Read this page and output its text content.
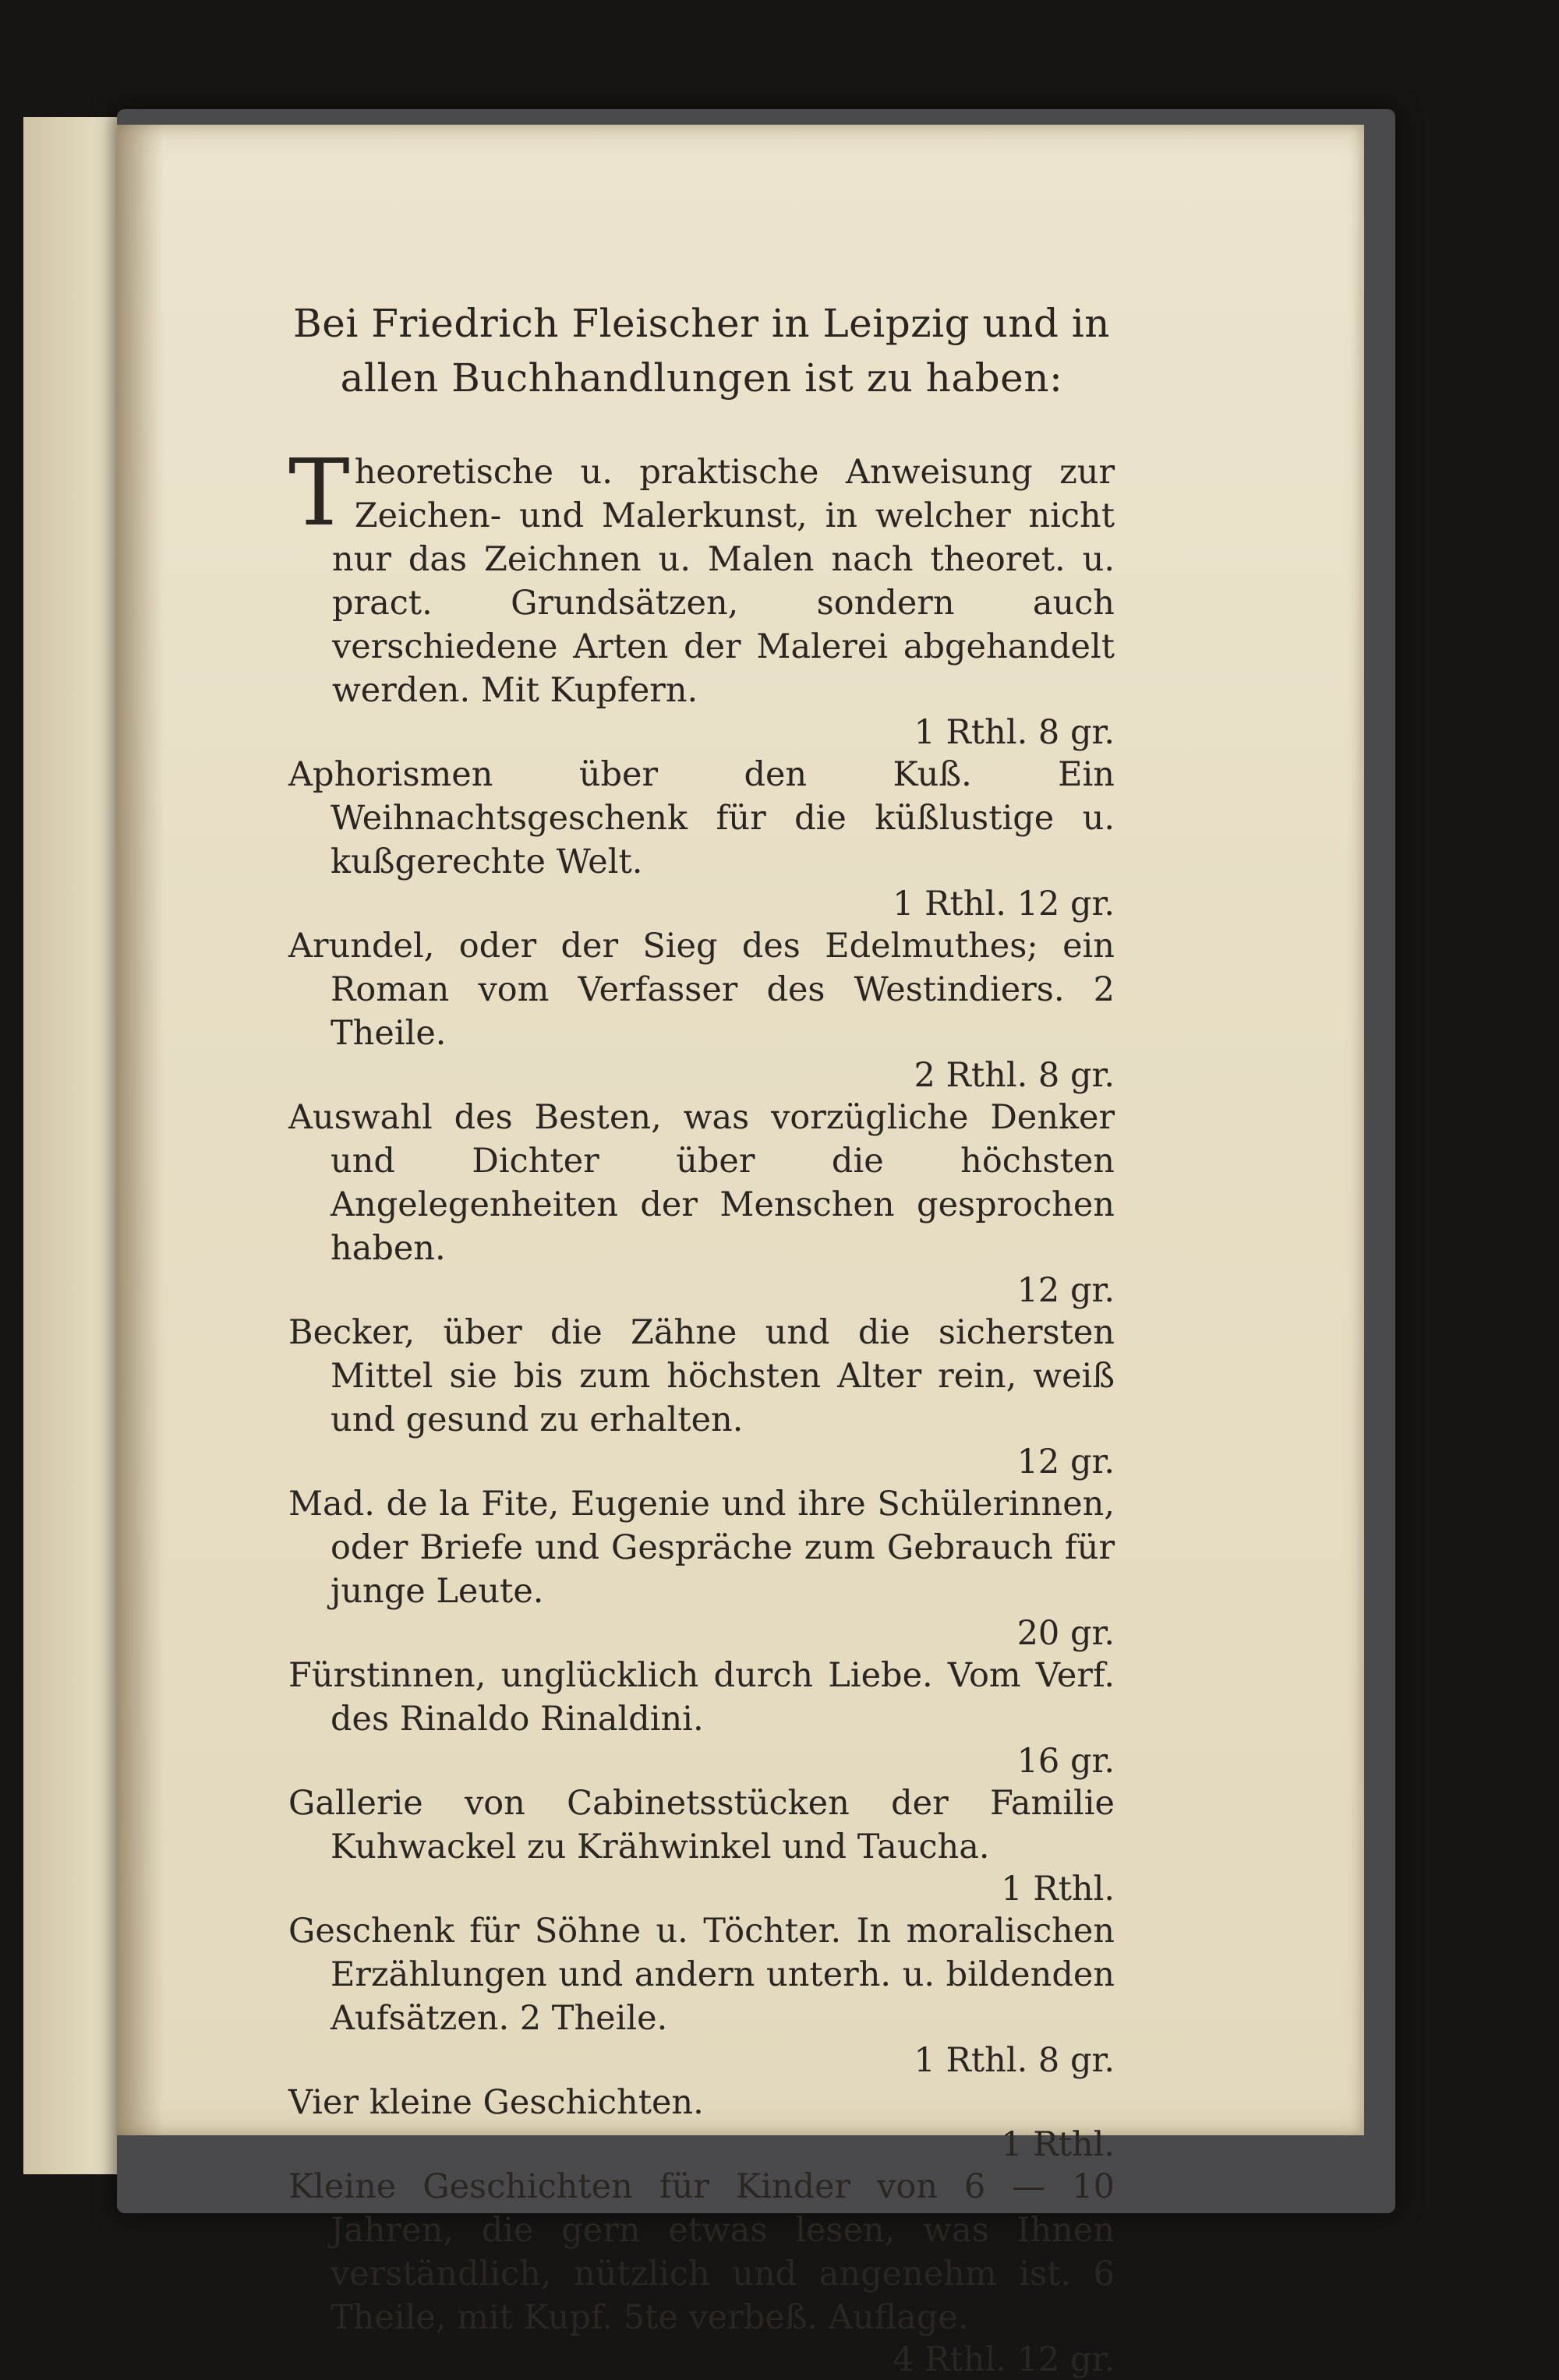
Bei Friedrich Fleischer in Leipzig und in
allen Buchhandlungen ist zu haben:
T heoretische u. praktische Anweisung zur Zeichen- und Malerkunst, in welcher nicht nur das Zeichnen u. Malen nach theoret. u. pract. Grundsätzen, sondern auch verschiedene Arten der Malerei abgehandelt werden. Mit Kupfern.
1 Rthl. 8 gr.
Aphorismen über den Kuß. Ein Weihnachtsgeschenk für die küßlustige u. kußgerechte Welt.
1 Rthl. 12 gr.
Arundel, oder der Sieg des Edelmuthes; ein Roman vom Verfasser des Westindiers. 2 Theile.
2 Rthl. 8 gr.
Auswahl des Besten, was vorzügliche Denker und Dichter über die höchsten Angelegenheiten der Menschen gesprochen haben.
12 gr.
Becker, über die Zähne und die sichersten Mittel sie bis zum höchsten Alter rein, weiß und gesund zu erhalten.
12 gr.
Mad. de la Fite, Eugenie und ihre Schülerinnen, oder Briefe und Gespräche zum Gebrauch für junge Leute.
20 gr.
Fürstinnen, unglücklich durch Liebe. Vom Verf. des Rinaldo Rinaldini.
16 gr.
Gallerie von Cabinetsstücken der Familie Kuhwackel zu Krähwinkel und Taucha.
1 Rthl.
Geschenk für Söhne u. Töchter. In moralischen Erzählungen und andern unterh. u. bildenden Aufsätzen. 2 Theile.
1 Rthl. 8 gr.
Vier kleine Geschichten.
1 Rthl.
Kleine Geschichten für Kinder von 6 — 10 Jahren, die gern etwas lesen, was Ihnen verständlich, nützlich und angenehm ist. 6 Theile, mit Kupf. 5te verbeß. Auflage.
4 Rthl. 12 gr.
